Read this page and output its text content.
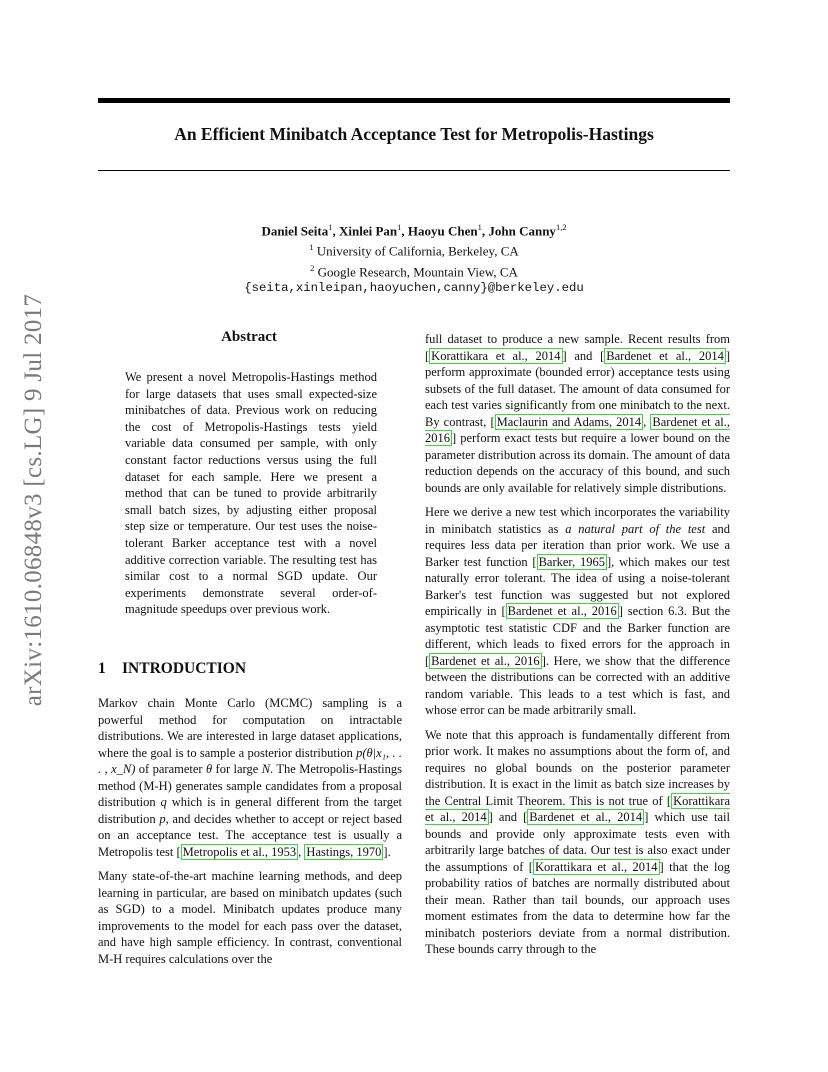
An Efficient Minibatch Acceptance Test for Metropolis-Hastings
Daniel Seita$^1$, Xinlei Pan$^1$, Haoyu Chen$^1$, John Canny$^{1,2}$
$^1$ University of California, Berkeley, CA
$^2$ Google Research, Mountain View, CA
{seita,xinleipan,haoyuchen,canny}@berkeley.edu
arXiv:1610.06848v3 [cs.LG] 9 Jul 2017	Abstract
We present a novel Metropolis-Hastings method for large datasets that uses small expected-size minibatches of data. Previous work on reducing the cost of Metropolis-Hastings tests yield variable data consumed per sample, with only constant factor reductions versus using the full dataset for each sample. Here we present a method that can be tuned to provide arbitrarily small batch sizes, by adjusting either proposal step size or temperature. Our test uses the noise-tolerant Barker acceptance test with a novel additive correction variable. The resulting test has similar cost to a normal SGD update. Our experiments demonstrate several order-of-magnitude speedups over previous work.
1 INTRODUCTION

Markov chain Monte Carlo (MCMC) sampling is a powerful method for computation on intractable distributions. We are interested in large dataset applications, where the goal is to sample a posterior distribution p(θ|x₁, . . . , x_N) of parameter θ for large N. The Metropolis-Hastings method (M-H) generates sample candidates from a proposal distribution q which is in general different from the target distribution p, and decides whether to accept or reject based on an acceptance test. The acceptance test is usually a Metropolis test [ Metropolis et al., 1953 , Hastings, 1970 ].

Many state-of-the-art machine learning methods, and deep learning in particular, are based on minibatch updates (such as SGD) to a model. Minibatch updates produce many improvements to the model for each pass over the dataset, and have high sample efficiency. In contrast, conventional M-H requires calculations over the

full dataset to produce a new sample. Recent results from [ Korattikara et al., 2014 ] and [ Bardenet et al., 2014 ] perform approximate (bounded error) acceptance tests using subsets of the full dataset. The amount of data consumed for each test varies significantly from one minibatch to the next. By contrast, [ Maclaurin and Adams, 2014 , Bardenet et al., 2016 ] perform exact tests but require a lower bound on the parameter distribution across its domain. The amount of data reduction depends on the accuracy of this bound, and such bounds are only available for relatively simple distributions.

Here we derive a new test which incorporates the variability in minibatch statistics as a natural part of the test and requires less data per iteration than prior work. We use a Barker test function [ Barker, 1965 ], which makes our test naturally error tolerant. The idea of using a noise-tolerant Barker's test function was suggested but not explored empirically in [ Bardenet et al., 2016 ] section 6.3. But the asymptotic test statistic CDF and the Barker function are different, which leads to fixed errors for the approach in [ Bardenet et al., 2016 ]. Here, we show that the difference between the distributions can be corrected with an additive random variable. This leads to a test which is fast, and whose error can be made arbitrarily small.

We note that this approach is fundamentally different from prior work. It makes no assumptions about the form of, and requires no global bounds on the posterior parameter distribution. It is exact in the limit as batch size increases by the Central Limit Theorem. This is not true of [ Korattikara et al., 2014 ] and [ Bardenet et al., 2014 ] which use tail bounds and provide only approximate tests even with arbitrarily large batches of data. Our test is also exact under the assumptions of [ Korattikara et al., 2014 ] that the log probability ratios of batches are normally distributed about their mean. Rather than tail bounds, our approach uses moment estimates from the data to determine how far the minibatch posteriors deviate from a normal distribution. These bounds carry through to the
